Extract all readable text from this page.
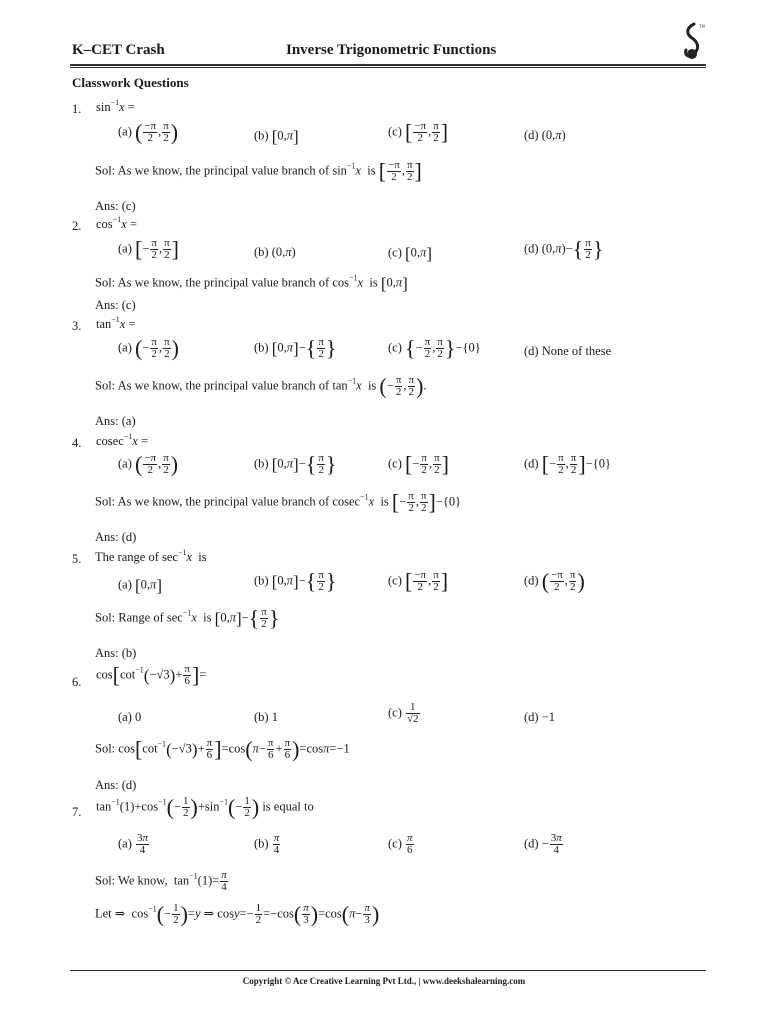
K–CET Crash	Inverse Trigonometric Functions
TM
Classwork Questions
1. $\sin^{-1}x$ =
(a) ( $\frac{-\pi}{2}$ , $\frac{\pi}{2}$ )	(b) [0,π]	(c) [ $\frac{-\pi}{2}$ , $\frac{\pi}{2}$ ]	(d) (0,π)
Sol: As we know, the principal value branch of $\sin^{-1}x$  is [ $\frac{-\pi}{2}$ , $\frac{\pi}{2}$ ]
Ans: (c)
2. $\cos^{-1}x$ =
(a) [− $\frac{\pi}{2}$ , $\frac{\pi}{2}$ ]	(b) (0,π)	(c) [0,π]	(d) $(0,\pi)-\{ \frac{\pi}{2}$ }
Sol: As we know, the principal value branch of $\cos^{-1}x$  is [0,π]
Ans: (c)
3. $\tan^{-1}x$ =
(a) (− $\frac{\pi}{2}$ , $\frac{\pi}{2}$ )	(b) $[0,\pi]-\{ \frac{\pi}{2}$ }	(c) {− $\frac{\pi}{2}$ , $\frac{\pi}{2} \}-\{0\}$	(d) None of these
Sol: As we know, the principal value branch of $\tan^{-1}x$  is (− $\frac{\pi}{2}$ , $\frac{\pi}{2}$ ).
Ans: (a)
4. cosec$^{-1}$x =
(a) ( $\frac{-\pi}{2}$ , $\frac{\pi}{2}$ )	(b) $[0,\pi]-\{ \frac{\pi}{2}$ }	(c) [− $\frac{\pi}{2}$ , $\frac{\pi}{2}$ ]	(d) [− $\frac{\pi}{2}$ , $\frac{\pi}{2} ]-\{0\}$
Sol: As we know, the principal value branch of cosec$^{-1}$x  is [− $\frac{\pi}{2}$ , $\frac{\pi}{2} ]-\{0\}$
Ans: (d)
5. The range of $\sec^{-1}x$ is
(a) [0,π]	(b) $[0,\pi]-\{ \frac{\pi}{2}$ }	(c) [ $\frac{-\pi}{2}$ , $\frac{\pi}{2}$ ]	(d) ( $\frac{-\pi}{2}$ , $\frac{\pi}{2}$ )
Sol: Range of $\sec^{-1}x$  is $[0,\pi]-\{ \frac{\pi}{2}$ }
Ans: (b)
6.
$\cos[\cot^{-1}(-√3)+ \frac{\pi}{6}$ ]=
(a) 0	(b) 1	$(c) \frac{1}{√2}$	(d) −1
Sol: $\cos[\cot^{-1}(-√3)+ \frac{\pi}{6} ]=\cos(\pi- \frac{\pi}{6} + \frac{\pi}{6} )=\cos\pi=-1$
Ans: (d)
7. $\tan^{-1}(1)+\cos^{-1}(- \frac{1}{2} )+\sin^{-1}(- \frac{1}{2}$ ) is equal to
$(a) \frac{3\pi}{4}$	$(b) \frac{\pi}{4}$	$(c) \frac{\pi}{6}$	$(d) - \frac{3\pi}{4}$
Sol: We know,  $\tan^{-1}(1)= \frac{\pi}{4}$
Let ⇒  $\cos^{-1}(- \frac{1}{2} )=y$ ⇒ $\cos y=- \frac{1}{2} =-\cos( \frac{\pi}{3} )=\cos(\pi- \frac{\pi}{3}$ )
Copyright © Ace Creative Learning Pvt Ltd., | www.deekshalearning.com
